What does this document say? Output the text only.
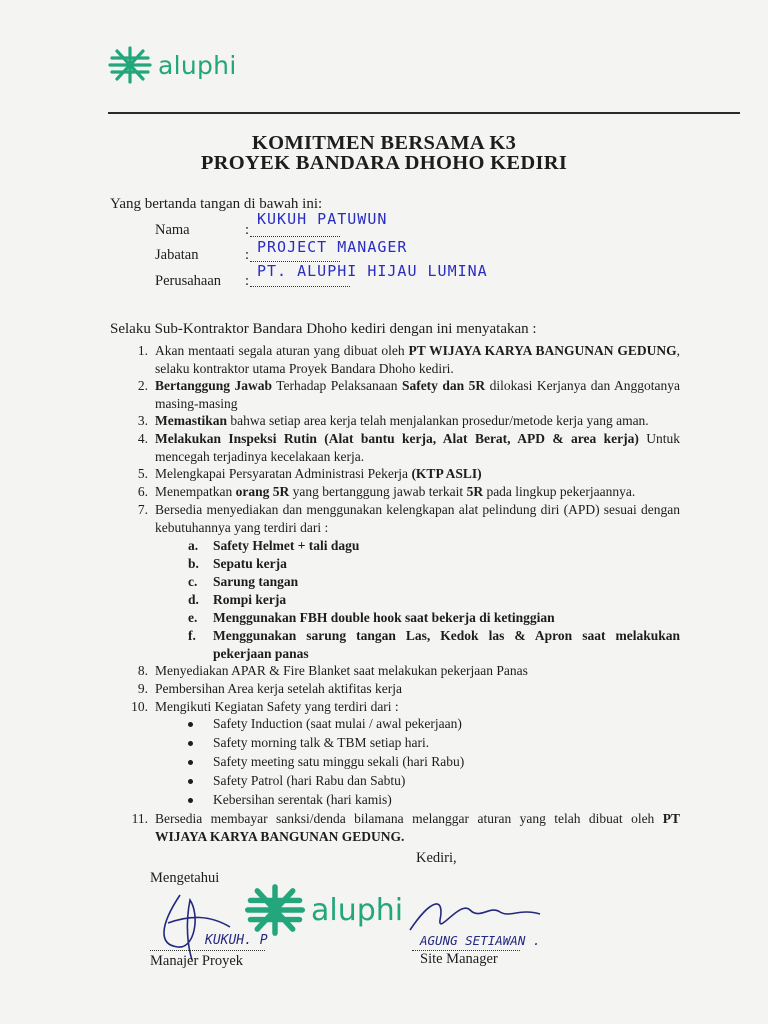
aluphi
KOMITMEN BERSAMA K3
PROYEK BANDARA DHOHO KEDIRI
Yang bertanda tangan di bawah ini:
Nama	:
KUKUH PATUWUN
Jabatan	: PROJECT MANAGER
Perusahaan :
PT. ALUPHI HIJAU LUMINA
Selaku Sub-Kontraktor Bandara Dhoho kediri dengan ini menyatakan :
1. Akan mentaati segala aturan yang dibuat oleh PT WIJAYA KARYA BANGUNAN GEDUNG, selaku kontraktor utama Proyek Bandara Dhoho kediri.
2. Bertanggung Jawab Terhadap Pelaksanaan Safety dan 5R dilokasi Kerjanya dan Anggotanya masing-masing
3. Memastikan bahwa setiap area kerja telah menjalankan prosedur/metode kerja yang aman.
4. Melakukan Inspeksi Rutin (Alat bantu kerja, Alat Berat, APD & area kerja) Untuk mencegah terjadinya kecelakaan kerja.
5. Melengkapai Persyaratan Administrasi Pekerja (KTP ASLI)
6. Menempatkan orang 5R yang bertanggung jawab terkait 5R pada lingkup pekerjaannya.
7. Bersedia menyediakan dan menggunakan kelengkapan alat pelindung diri (APD) sesuai dengan kebutuhannya yang terdiri dari :
a. Safety Helmet + tali dagu
b. Sepatu kerja
c. Sarung tangan
d. Rompi kerja
e. Menggunakan FBH double hook saat bekerja di ketinggian
f. Menggunakan sarung tangan Las, Kedok las & Apron saat melakukan pekerjaan panas
8. Menyediakan APAR & Fire Blanket saat melakukan pekerjaan Panas
9. Pembersihan Area kerja setelah aktifitas kerja
10. Mengikuti Kegiatan Safety yang terdiri dari :
Safety Induction (saat mulai / awal pekerjaan)
Safety morning talk & TBM setiap hari.
Safety meeting satu minggu sekali (hari Rabu)
Safety Patrol (hari Rabu dan Sabtu)
Kebersihan serentak (hari kamis)
11. Bersedia membayar sanksi/denda bilamana melanggar aturan yang telah dibuat oleh PT WIJAYA KARYA BANGUNAN GEDUNG.
Kediri,
Mengetahui
KUKUH. P
aluphi
AGUNG SETIAWAN .
Manajer Proyek	Site Manager
